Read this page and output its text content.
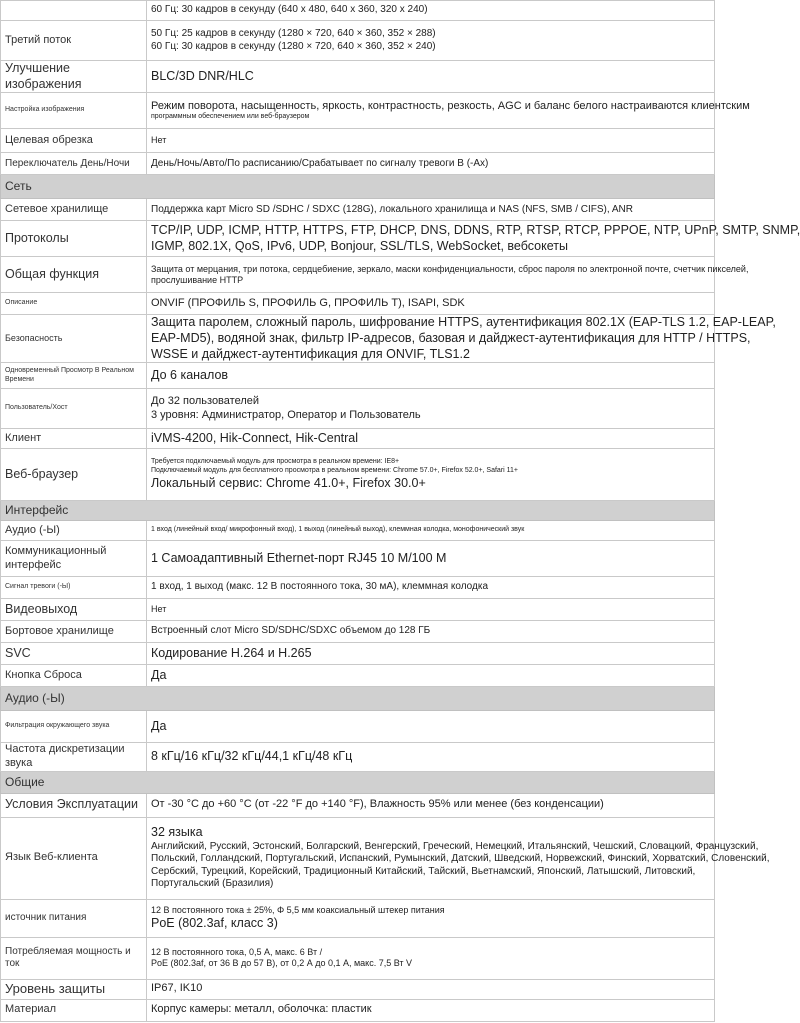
	60 Гц: 30 кадров в секунду (640 x 480, 640 x 360, 320 x 240)

Третий поток	50 Гц: 25 кадров в секунду (1280 × 720, 640 × 360, 352 × 288)
60 Гц: 30 кадров в секунду (1280 × 720, 640 × 360, 352 × 240)

Улучшение изображения	BLC/3D DNR/HLC

Настройка изображения	Режим поворота, насыщенность, яркость, контрастность, резкость, AGC и баланс белого настраиваются клиентским
программным обеспечением или веб-браузером

Целевая обрезка	Нет

Переключатель День/Ночи	День/Ночь/Авто/По расписанию/Срабатывает по сигналу тревоги В (-Ах)

Сеть	
Сетевое хранилище	Поддержка карт Micro SD /SDHC / SDXC (128G), локального хранилища и NAS (NFS, SMB / CIFS), ANR

Протоколы	TCP/IP, UDP, ICMP, HTTP, HTTPS, FTP, DHCP, DNS, DDNS, RTP, RTSP, RTCP, PPPOE, NTP, UPnP, SMTP, SNMP,
IGMP, 802.1X, QoS, IPv6, UDP, Bonjour, SSL/TLS, WebSocket, вебсокеты

Общая функция	Защита от мерцания, три потока, сердцебиение, зеркало, маски конфиденциальности, сброс пароля по электронной почте, счетчик пикселей,
прослушивание HTTP

Описание	ONVIF (ПРОФИЛЬ S, ПРОФИЛЬ G, ПРОФИЛЬ T), ISAPI, SDK

Безопасность	Защита паролем, сложный пароль, шифрование HTTPS, аутентификация 802.1X (EAP-TLS 1.2, EAP-LEAP,
EAP-MD5), водяной знак, фильтр IP-адресов, базовая и дайджест-аутентификация для HTTP / HTTPS,
WSSE и дайджест-аутентификация для ONVIF, TLS1.2

Одновременный Просмотр В Реальном Времени	До 6 каналов

Пользователь/Хост	До 32 пользователей
3 уровня: Администратор, Оператор и Пользователь

Клиент	iVMS-4200, Hik-Connect, Hik-Central

Веб-браузер	Требуется подключаемый модуль для просмотра в реальном времени: IE8+
Подключаемый модуль для бесплатного просмотра в реальном времени: Chrome 57.0+, Firefox 52.0+, Safari 11+
Локальный сервис: Chrome 41.0+, Firefox 30.0+

Интерфейс	
Аудио (-Ы)	1 вход (линейный вход/ микрофонный вход), 1 выход (линейный выход), клеммная колодка, монофонический звук

Коммуникационный интерфейс	1 Самоадаптивный Ethernet-порт RJ45 10 M/100 M

Сигнал тревоги (-Ы)	1 вход, 1 выход (макс. 12 В постоянного тока, 30 мА), клеммная колодка

Видеовыход	Нет

Бортовое хранилище	Встроенный слот Micro SD/SDHC/SDXC объемом до 128 ГБ

SVC	Кодирование H.264 и H.265

Кнопка Сброса	Да

Аудио (-Ы)	
Фильтрация окружающего звука	Да

Частота дискретизации звука	8 кГц/16 кГц/32 кГц/44,1 кГц/48 кГц

Общие	
Условия Эксплуатации	От -30 °C до +60 °C (от -22 °F до +140 °F), Влажность 95% или менее (без конденсации)

Язык Веб-клиента	32 языка
Английский, Русский, Эстонский, Болгарский, Венгерский, Греческий, Немецкий, Итальянский, Чешский, Словацкий, Французский,
Польский, Голландский, Португальский, Испанский, Румынский, Датский, Шведский, Норвежский, Финский, Хорватский, Словенский,
Сербский, Турецкий, Корейский, Традиционный Китайский, Тайский, Вьетнамский, Японский, Латышский, Литовский,
Португальский (Бразилия)

источник питания	12 В постоянного тока ± 25%, Φ 5,5 мм коаксиальный штекер питания
PoE (802.3af, класс 3)

Потребляемая мощность и ток	12 В постоянного тока, 0,5 А, макс. 6 Вт /
PoE (802.3af, от 36 В до 57 В), от 0,2 А до 0,1 А, макс. 7,5 Вт V

Уровень защиты	IP67, IK10

Материал	Корпус камеры: металл, оболочка: пластик
